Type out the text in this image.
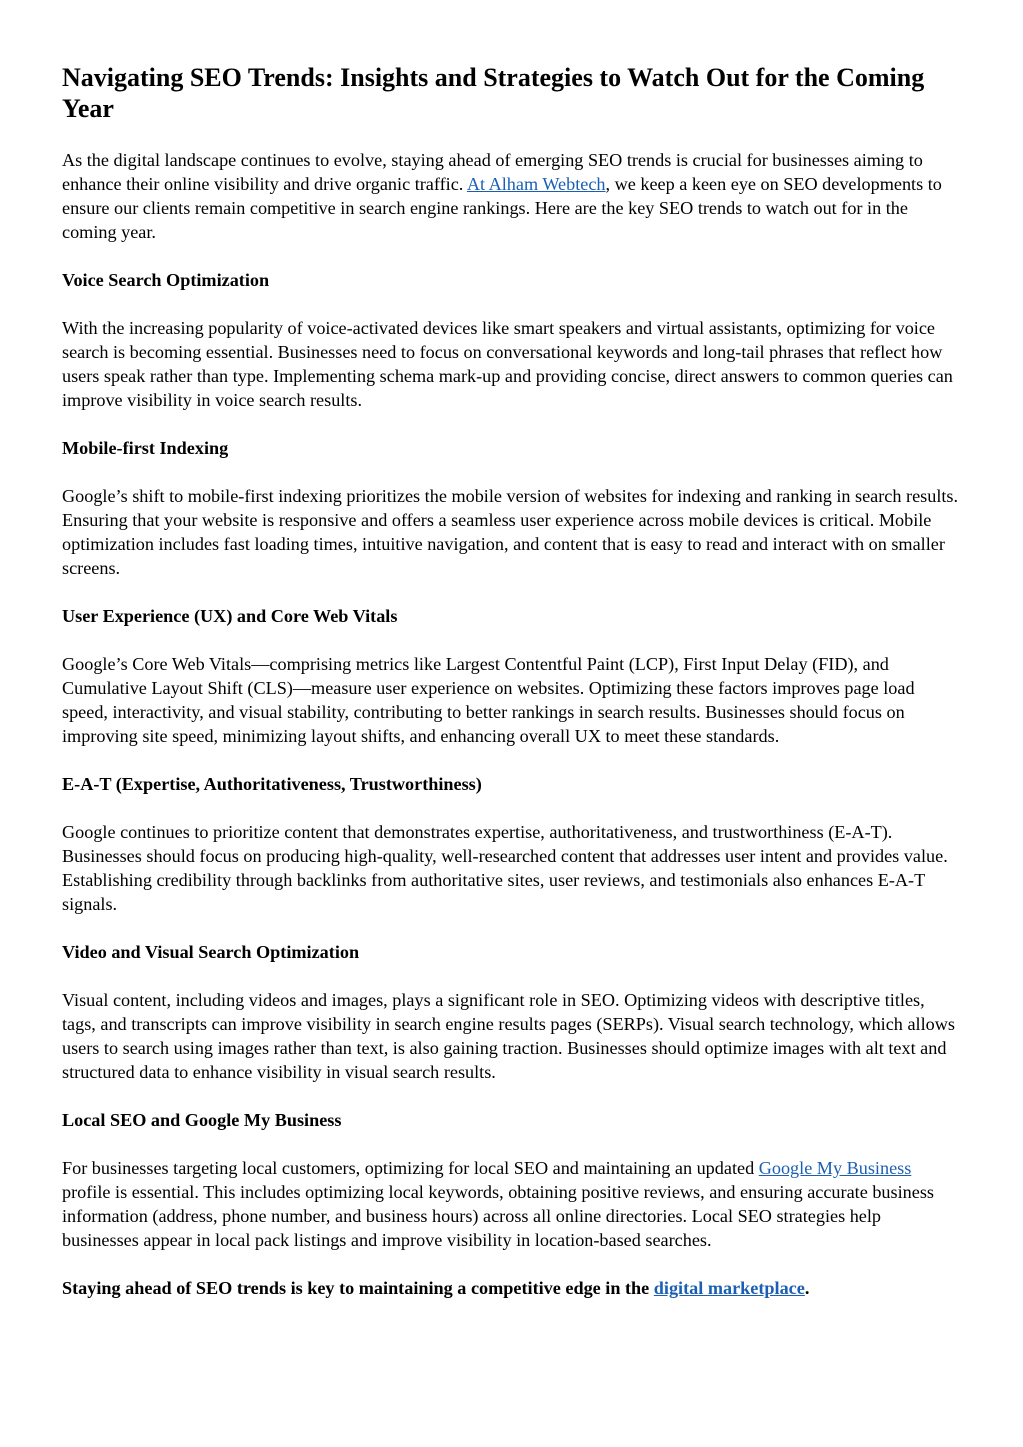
Navigating SEO Trends: Insights and Strategies to Watch Out for the Coming Year

As the digital landscape continues to evolve, staying ahead of emerging SEO trends is crucial for businesses aiming to enhance their online visibility and drive organic traffic. At Alham Webtech, we keep a keen eye on SEO developments to ensure our clients remain competitive in search engine rankings. Here are the key SEO trends to watch out for in the coming year.

Voice Search Optimization

With the increasing popularity of voice-activated devices like smart speakers and virtual assistants, optimizing for voice search is becoming essential. Businesses need to focus on conversational keywords and long-tail phrases that reflect how users speak rather than type. Implementing schema mark-up and providing concise, direct answers to common queries can improve visibility in voice search results.

Mobile-first Indexing

Google’s shift to mobile-first indexing prioritizes the mobile version of websites for indexing and ranking in search results. Ensuring that your website is responsive and offers a seamless user experience across mobile devices is critical. Mobile optimization includes fast loading times, intuitive navigation, and content that is easy to read and interact with on smaller screens.

User Experience (UX) and Core Web Vitals

Google’s Core Web Vitals—comprising metrics like Largest Contentful Paint (LCP), First Input Delay (FID), and Cumulative Layout Shift (CLS)—measure user experience on websites. Optimizing these factors improves page load speed, interactivity, and visual stability, contributing to better rankings in search results. Businesses should focus on improving site speed, minimizing layout shifts, and enhancing overall UX to meet these standards.

E-A-T (Expertise, Authoritativeness, Trustworthiness)

Google continues to prioritize content that demonstrates expertise, authoritativeness, and trustworthiness (E-A-T). Businesses should focus on producing high-quality, well-researched content that addresses user intent and provides value. Establishing credibility through backlinks from authoritative sites, user reviews, and testimonials also enhances E-A-T signals.

Video and Visual Search Optimization

Visual content, including videos and images, plays a significant role in SEO. Optimizing videos with descriptive titles, tags, and transcripts can improve visibility in search engine results pages (SERPs). Visual search technology, which allows users to search using images rather than text, is also gaining traction. Businesses should optimize images with alt text and structured data to enhance visibility in visual search results.

Local SEO and Google My Business

For businesses targeting local customers, optimizing for local SEO and maintaining an updated Google My Business profile is essential. This includes optimizing local keywords, obtaining positive reviews, and ensuring accurate business information (address, phone number, and business hours) across all online directories. Local SEO strategies help businesses appear in local pack listings and improve visibility in location-based searches.

Staying ahead of SEO trends is key to maintaining a competitive edge in the digital marketplace.
